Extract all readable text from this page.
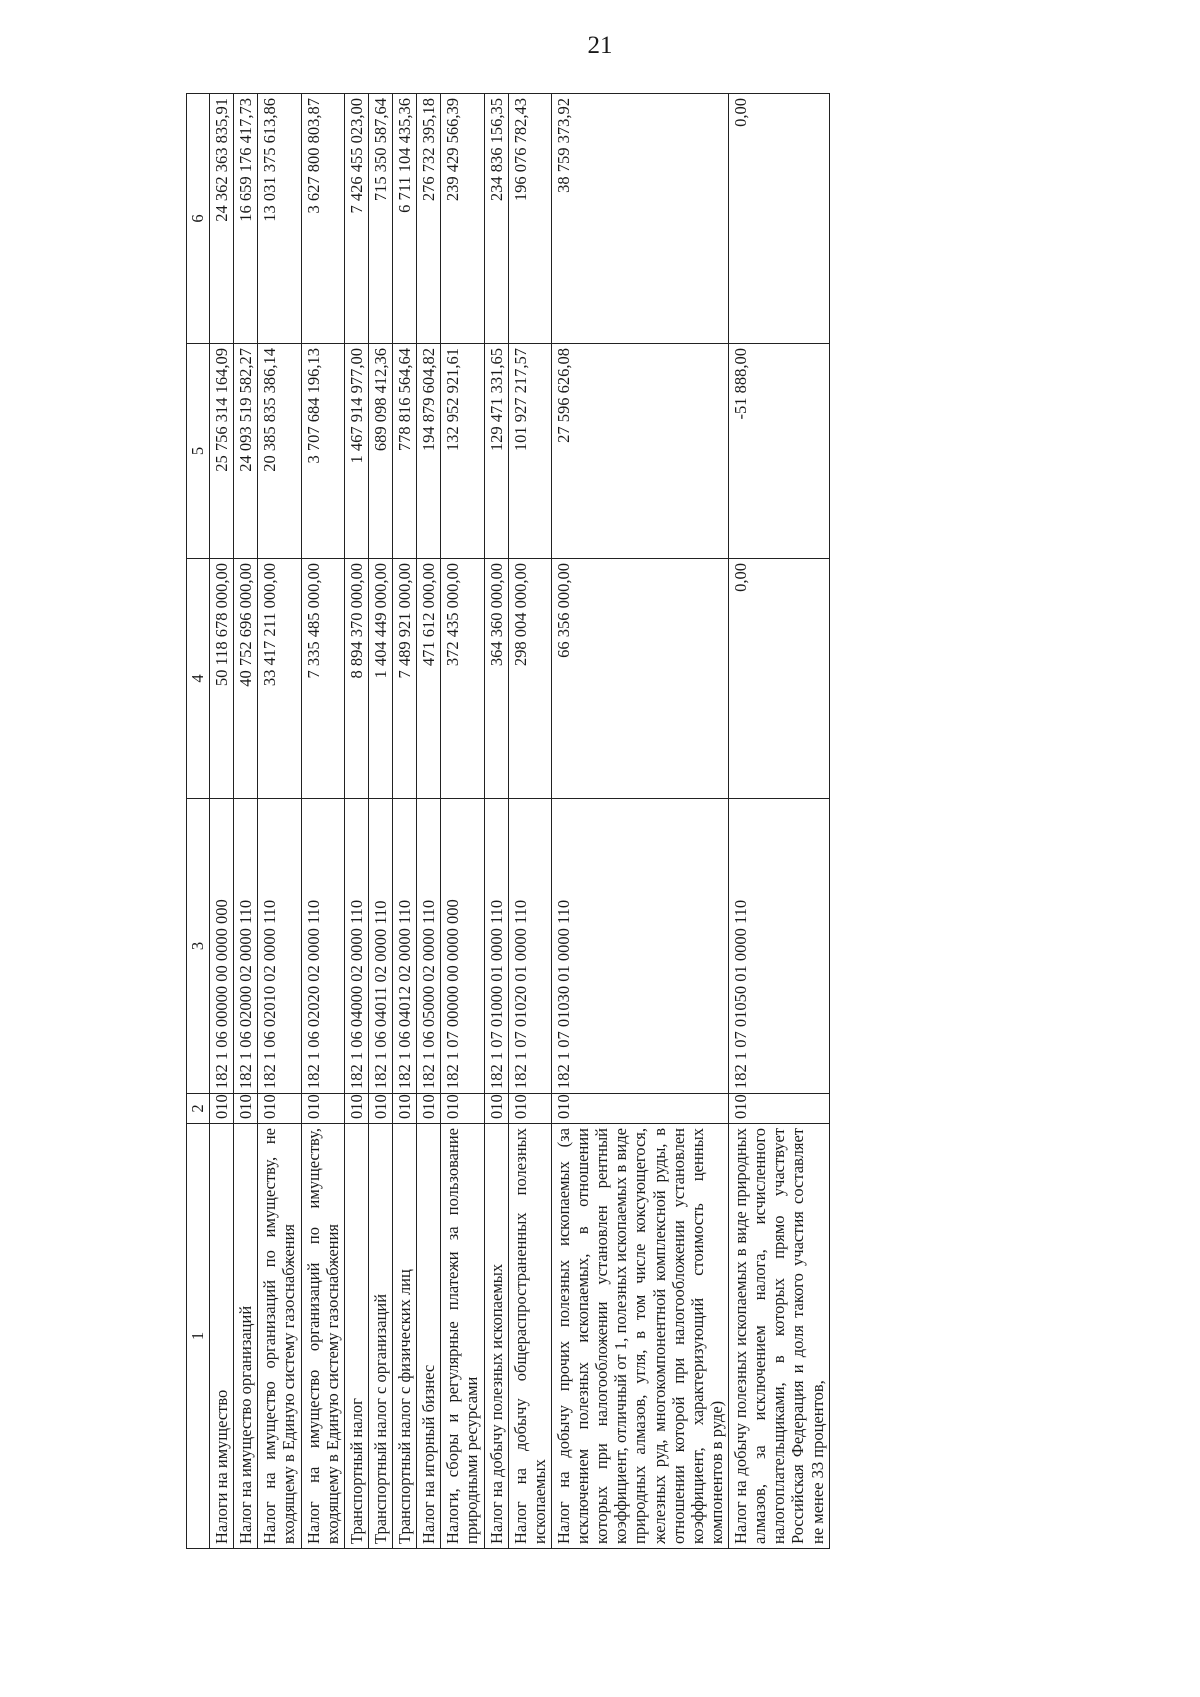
21
1	2	3	4	5	6
Налоги на имущество	010	182 1 06 00000 00 0000 000	50 118 678 000,00	25 756 314 164,09	24 362 363 835,91
Налог на имущество организаций	010	182 1 06 02000 02 0000 110	40 752 696 000,00	24 093 519 582,27	16 659 176 417,73
Налог на имущество организаций по имуществу, не входящему в Единую систему газоснабжения	010	182 1 06 02010 02 0000 110	33 417 211 000,00	20 385 835 386,14	13 031 375 613,86
Налог на имущество организаций по имуществу, входящему в Единую систему газоснабжения	010	182 1 06 02020 02 0000 110	7 335 485 000,00	3 707 684 196,13	3 627 800 803,87
Транспортный налог	010	182 1 06 04000 02 0000 110	8 894 370 000,00	1 467 914 977,00	7 426 455 023,00
Транспортный налог с организаций	010	182 1 06 04011 02 0000 110	1 404 449 000,00	689 098 412,36	715 350 587,64
Транспортный налог с физических лиц	010	182 1 06 04012 02 0000 110	7 489 921 000,00	778 816 564,64	6 711 104 435,36
Налог на игорный бизнес	010	182 1 06 05000 02 0000 110	471 612 000,00	194 879 604,82	276 732 395,18
Налоги, сборы и регулярные платежи за пользование природными ресурсами	010	182 1 07 00000 00 0000 000	372 435 000,00	132 952 921,61	239 429 566,39
Налог на добычу полезных ископаемых	010	182 1 07 01000 01 0000 110	364 360 000,00	129 471 331,65	234 836 156,35
Налог на добычу общераспространенных полезных ископаемых	010	182 1 07 01020 01 0000 110	298 004 000,00	101 927 217,57	196 076 782,43
Налог на добычу прочих полезных ископаемых (за исключением полезных ископаемых, в отношении которых при налогообложении установлен рентный коэффициент, отличный от 1, полезных ископаемых в виде природных алмазов, угля, в том числе коксующегося, железных руд, многокомпонентной комплексной руды, в отношении которой при налогообложении установлен коэффициент, характеризующий стоимость ценных компонентов в руде)	010	182 1 07 01030 01 0000 110	66 356 000,00	27 596 626,08	38 759 373,92
Налог на добычу полезных ископаемых в виде природных алмазов, за исключением налога, исчисленного налогоплательщиками, в которых прямо участвует Российская Федерация и доля такого участия составляет не менее 33 процентов,	010	182 1 07 01050 01 0000 110	0,00	-51 888,00	0,00
